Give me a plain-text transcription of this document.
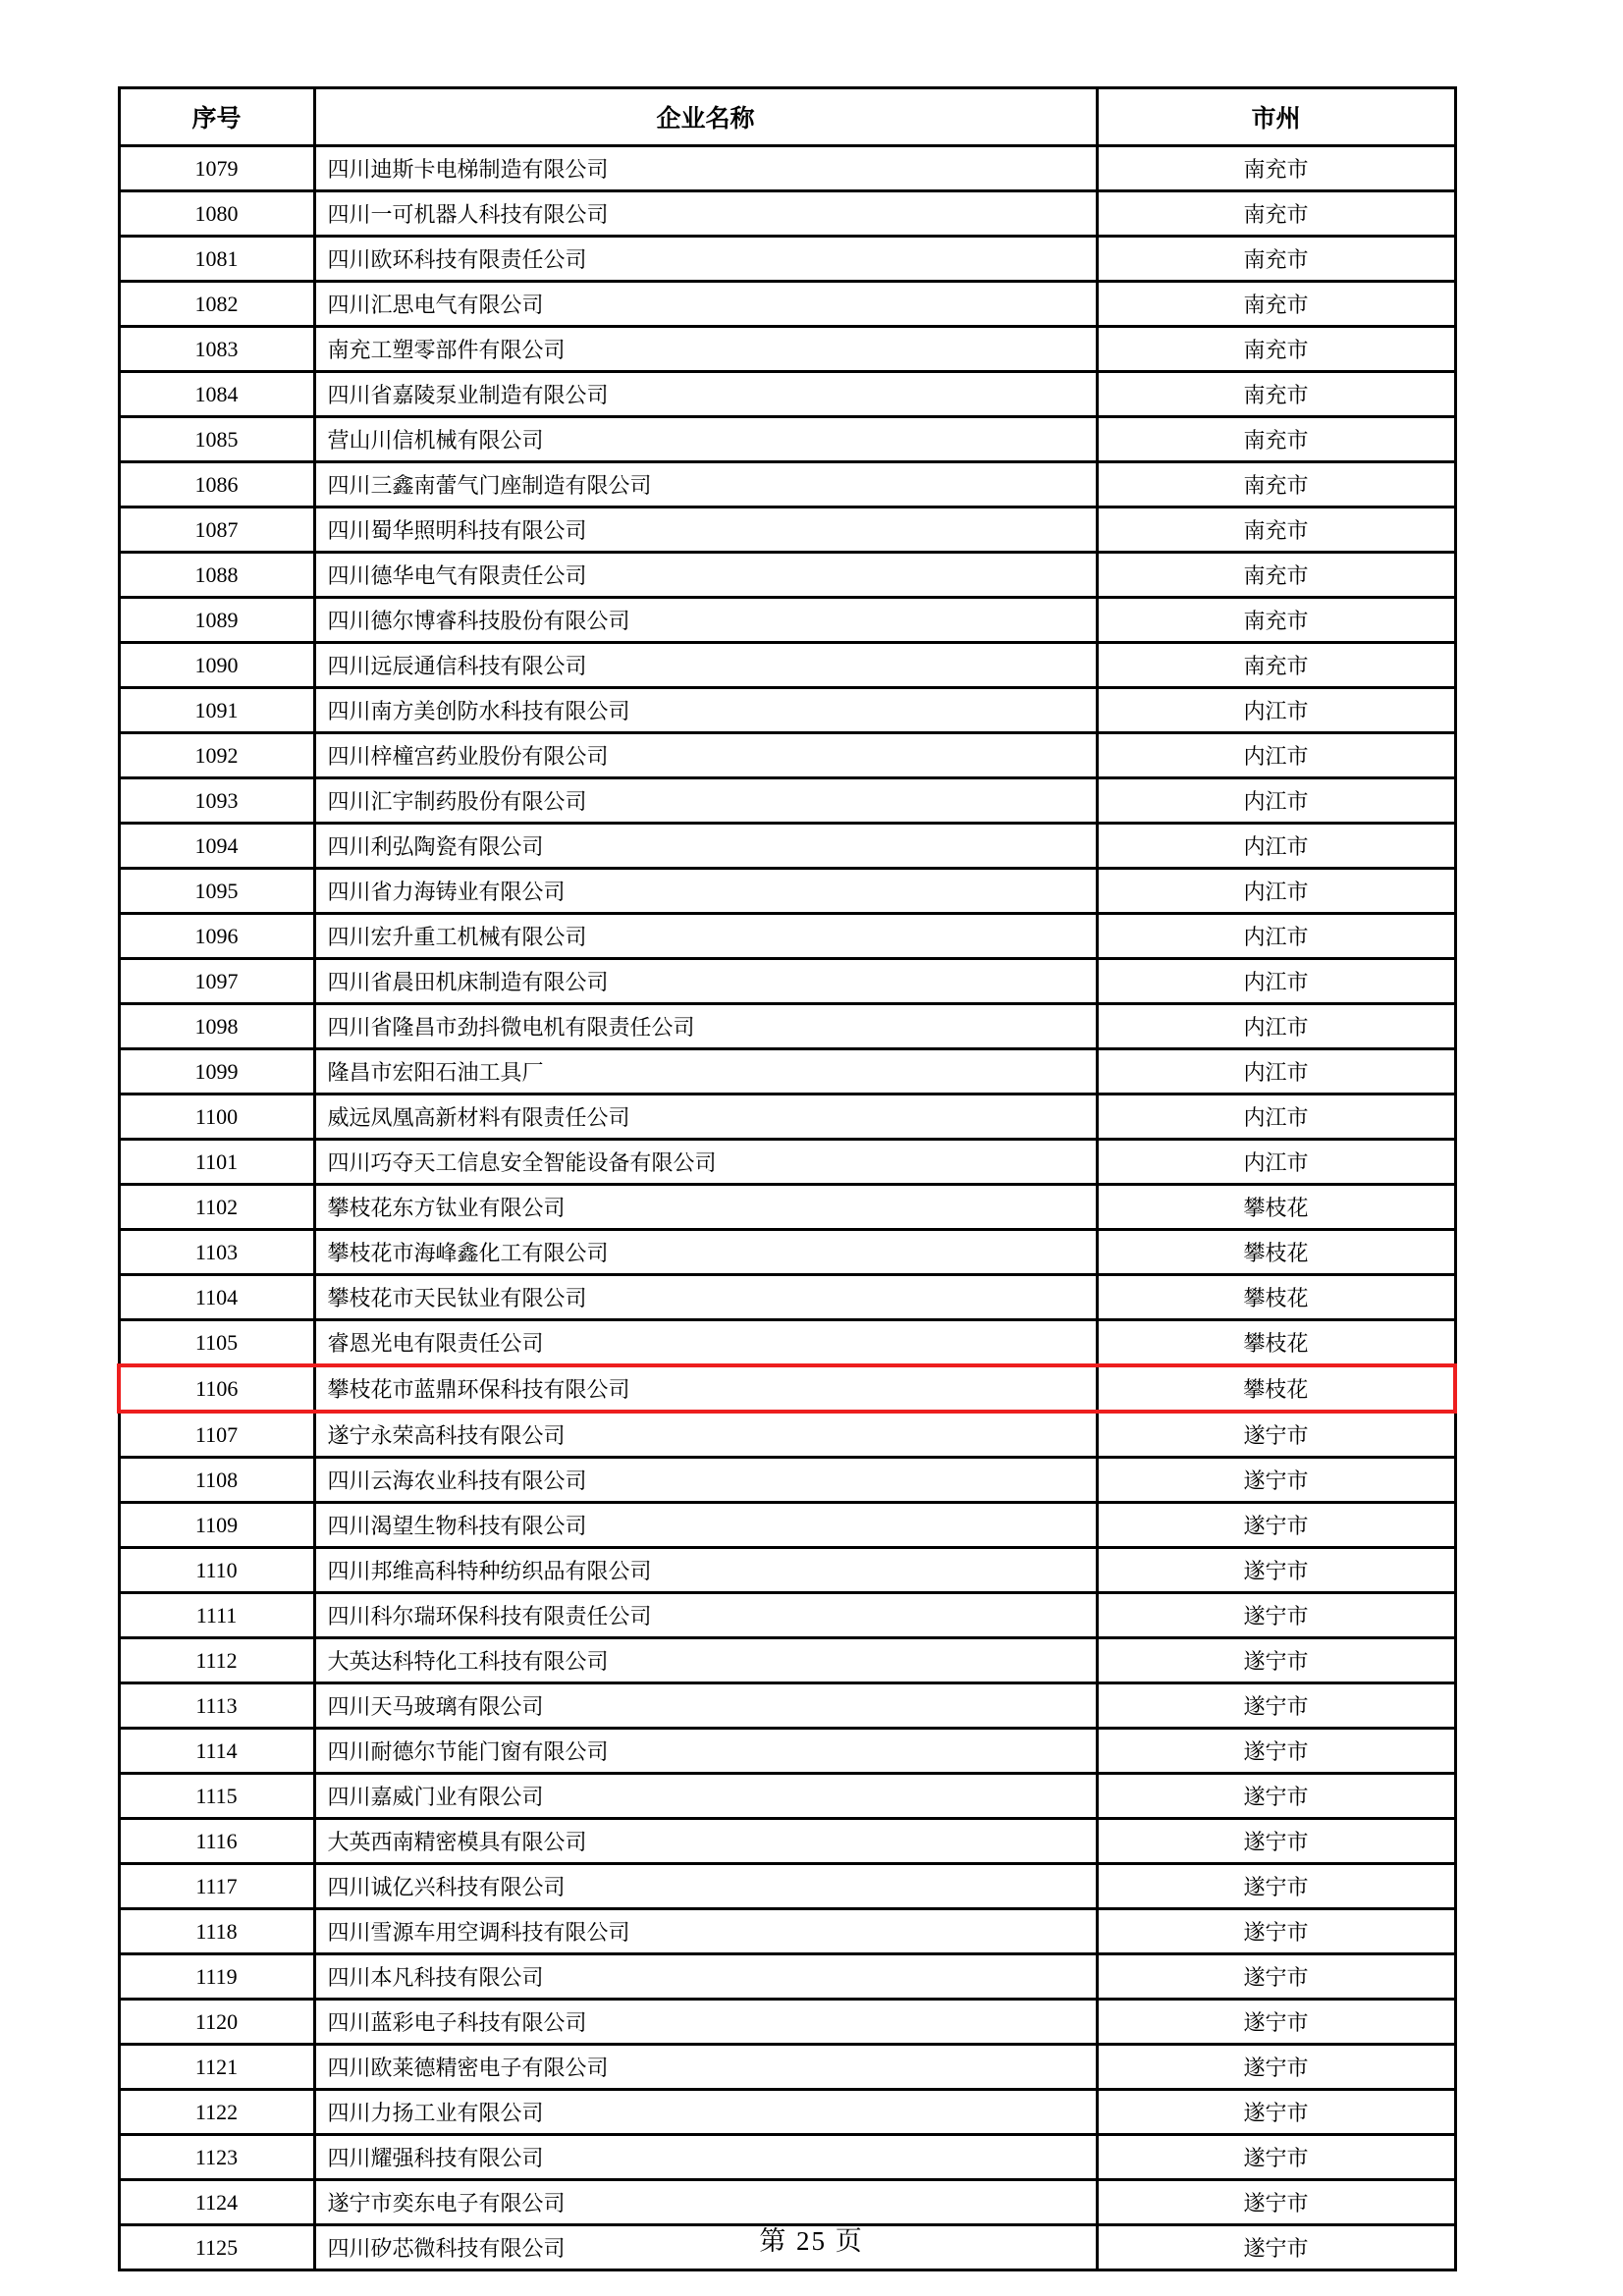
序号	企业名称	市州
1079	四川迪斯卡电梯制造有限公司	南充市
1080	四川一可机器人科技有限公司	南充市
1081	四川欧环科技有限责任公司	南充市
1082	四川汇思电气有限公司	南充市
1083	南充工塑零部件有限公司	南充市
1084	四川省嘉陵泵业制造有限公司	南充市
1085	营山川信机械有限公司	南充市
1086	四川三鑫南蕾气门座制造有限公司	南充市
1087	四川蜀华照明科技有限公司	南充市
1088	四川德华电气有限责任公司	南充市
1089	四川德尔博睿科技股份有限公司	南充市
1090	四川远辰通信科技有限公司	南充市
1091	四川南方美创防水科技有限公司	内江市
1092	四川梓橦宫药业股份有限公司	内江市
1093	四川汇宇制药股份有限公司	内江市
1094	四川利弘陶瓷有限公司	内江市
1095	四川省力海铸业有限公司	内江市
1096	四川宏升重工机械有限公司	内江市
1097	四川省晨田机床制造有限公司	内江市
1098	四川省隆昌市劲抖微电机有限责任公司	内江市
1099	隆昌市宏阳石油工具厂	内江市
1100	威远凤凰高新材料有限责任公司	内江市
1101	四川巧夺天工信息安全智能设备有限公司	内江市
1102	攀枝花东方钛业有限公司	攀枝花
1103	攀枝花市海峰鑫化工有限公司	攀枝花
1104	攀枝花市天民钛业有限公司	攀枝花
1105	睿恩光电有限责任公司	攀枝花
1106	攀枝花市蓝鼎环保科技有限公司	攀枝花
1107	遂宁永荣高科技有限公司	遂宁市
1108	四川云海农业科技有限公司	遂宁市
1109	四川渴望生物科技有限公司	遂宁市
1110	四川邦维高科特种纺织品有限公司	遂宁市
1111	四川科尔瑞环保科技有限责任公司	遂宁市
1112	大英达科特化工科技有限公司	遂宁市
1113	四川天马玻璃有限公司	遂宁市
1114	四川耐德尔节能门窗有限公司	遂宁市
1115	四川嘉威门业有限公司	遂宁市
1116	大英西南精密模具有限公司	遂宁市
1117	四川诚亿兴科技有限公司	遂宁市
1118	四川雪源车用空调科技有限公司	遂宁市
1119	四川本凡科技有限公司	遂宁市
1120	四川蓝彩电子科技有限公司	遂宁市
1121	四川欧莱德精密电子有限公司	遂宁市
1122	四川力扬工业有限公司	遂宁市
1123	四川耀强科技有限公司	遂宁市
1124	遂宁市奕东电子有限公司	遂宁市
1125	四川矽芯微科技有限公司	遂宁市
第 25 页
